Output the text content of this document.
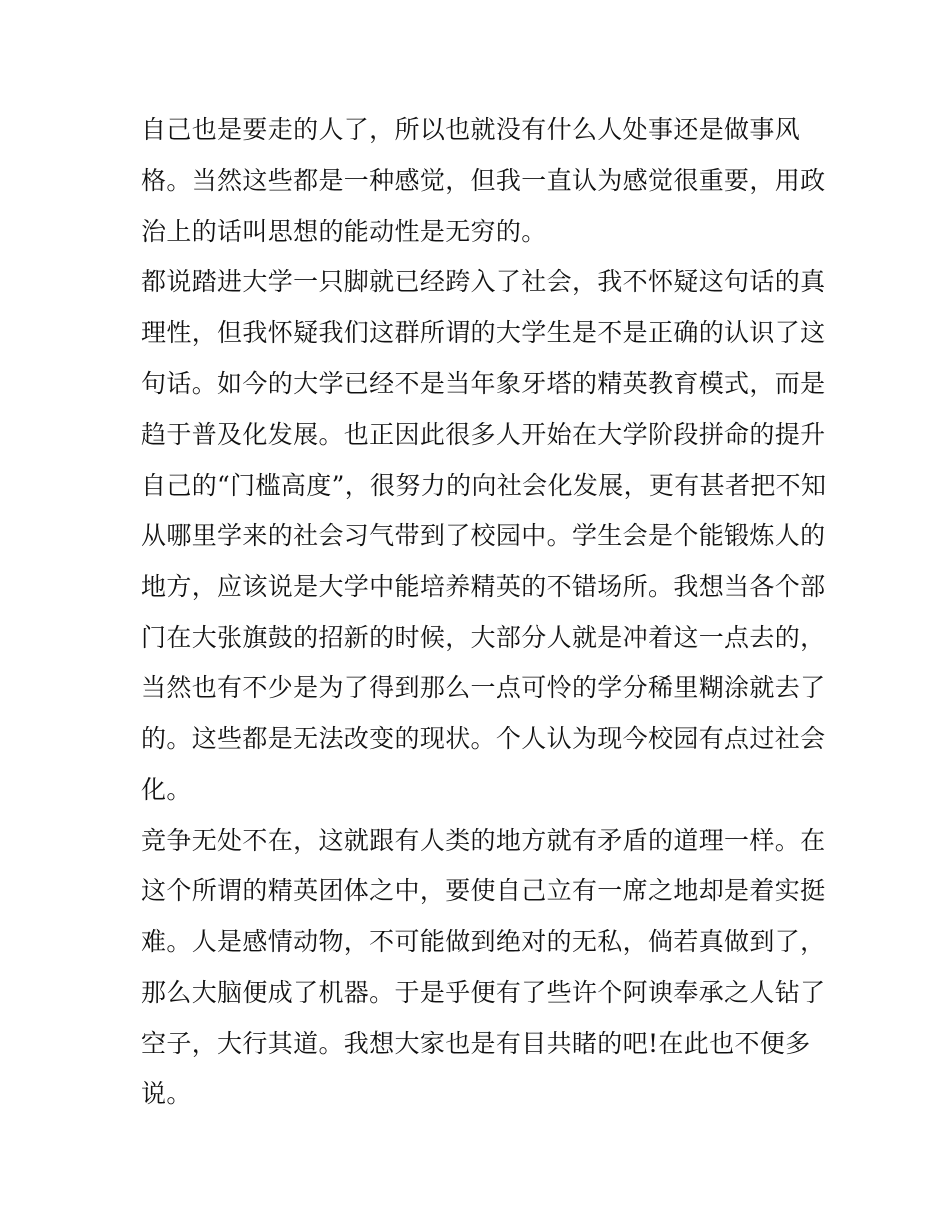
自己也是要走的人了，所以也就没有什么人处事还是做事风
格。当然这些都是一种感觉，但我一直认为感觉很重要，用政
治上的话叫思想的能动性是无穷的。
都说踏进大学一只脚就已经跨入了社会，我不怀疑这句话的真
理性，但我怀疑我们这群所谓的大学生是不是正确的认识了这
句话。如今的大学已经不是当年象牙塔的精英教育模式，而是
趋于普及化发展。也正因此很多人开始在大学阶段拼命的提升
自己的“门槛高度”，很努力的向社会化发展，更有甚者把不知
从哪里学来的社会习气带到了校园中。学生会是个能锻炼人的
地方，应该说是大学中能培养精英的不错场所。我想当各个部
门在大张旗鼓的招新的时候，大部分人就是冲着这一点去的，
当然也有不少是为了得到那么一点可怜的学分稀里糊涂就去了
的。这些都是无法改变的现状。个人认为现今校园有点过社会
化。
竞争无处不在，这就跟有人类的地方就有矛盾的道理一样。在
这个所谓的精英团体之中，要使自己立有一席之地却是着实挺
难。人是感情动物，不可能做到绝对的无私，倘若真做到了，
那么大脑便成了机器。于是乎便有了些许个阿谀奉承之人钻了
空子，大行其道。我想大家也是有目共睹的吧!在此也不便多
说。
